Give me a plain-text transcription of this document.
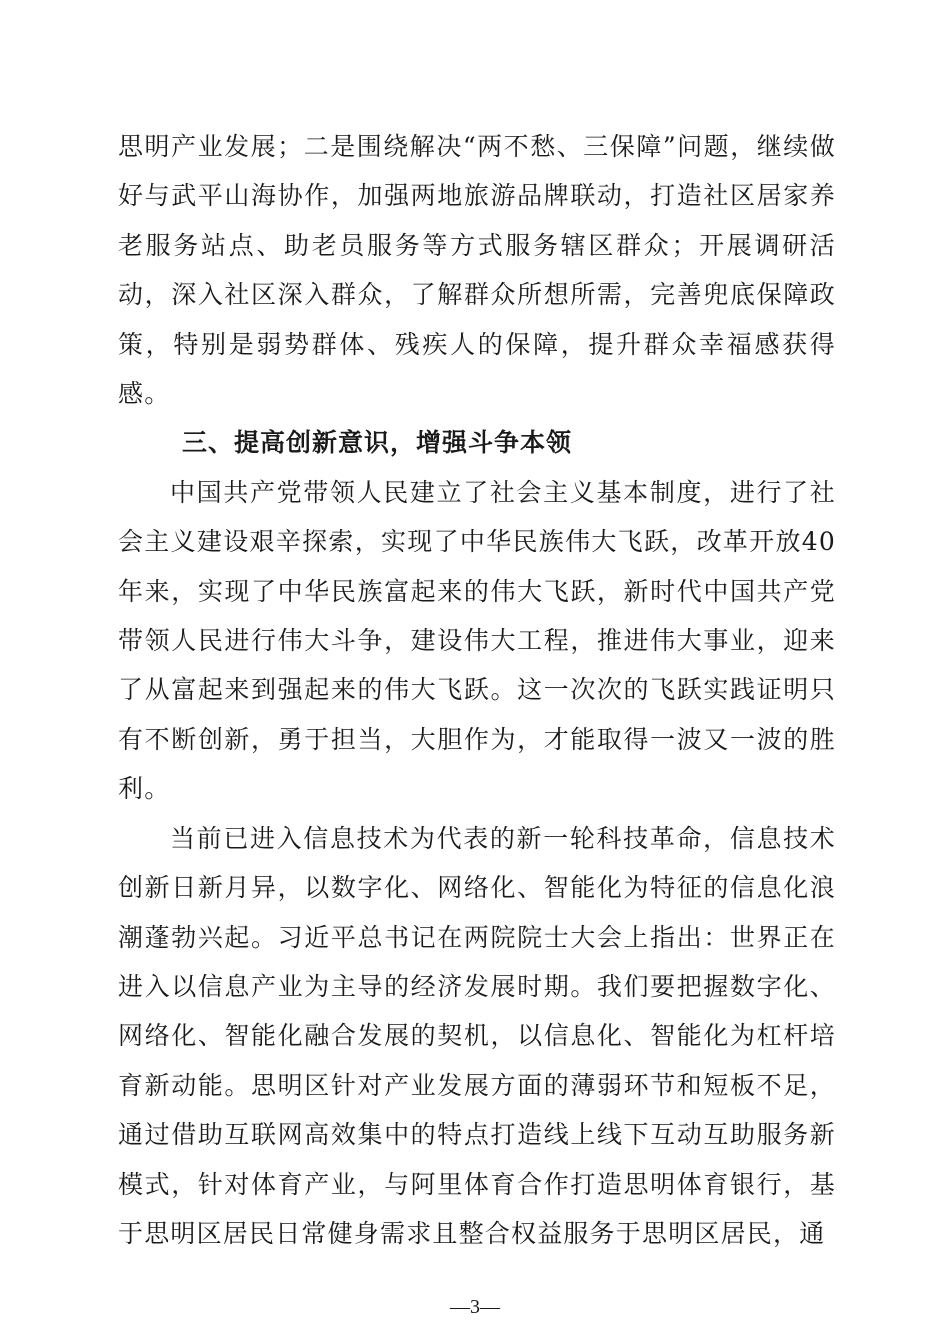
思明产业发展；二是围绕解决“两不愁、三保障”问题，继续做好与武平山海协作，加强两地旅游品牌联动，打造社区居家养老服务站点、助老员服务等方式服务辖区群众；开展调研活动，深入社区深入群众，了解群众所想所需，完善兜底保障政策，特别是弱势群体、残疾人的保障，提升群众幸福感获得感。

三、提高创新意识，增强斗争本领

中国共产党带领人民建立了社会主义基本制度，进行了社会主义建设艰辛探索，实现了中华民族伟大飞跃，改革开放40年来，实现了中华民族富起来的伟大飞跃，新时代中国共产党带领人民进行伟大斗争，建设伟大工程，推进伟大事业，迎来了从富起来到强起来的伟大飞跃。这一次次的飞跃实践证明只有不断创新，勇于担当，大胆作为，才能取得一波又一波的胜利。

当前已进入信息技术为代表的新一轮科技革命，信息技术创新日新月异，以数字化、网络化、智能化为特征的信息化浪潮蓬勃兴起。习近平总书记在两院院士大会上指出：世界正在进入以信息产业为主导的经济发展时期。我们要把握数字化、网络化、智能化融合发展的契机，以信息化、智能化为杠杆培育新动能。思明区针对产业发展方面的薄弱环节和短板不足，通过借助互联网高效集中的特点打造线上线下互动互助服务新模式，针对体育产业，与阿里体育合作打造思明体育银行，基于思明区居民日常健身需求且整合权益服务于思明区居民，通

—3—
